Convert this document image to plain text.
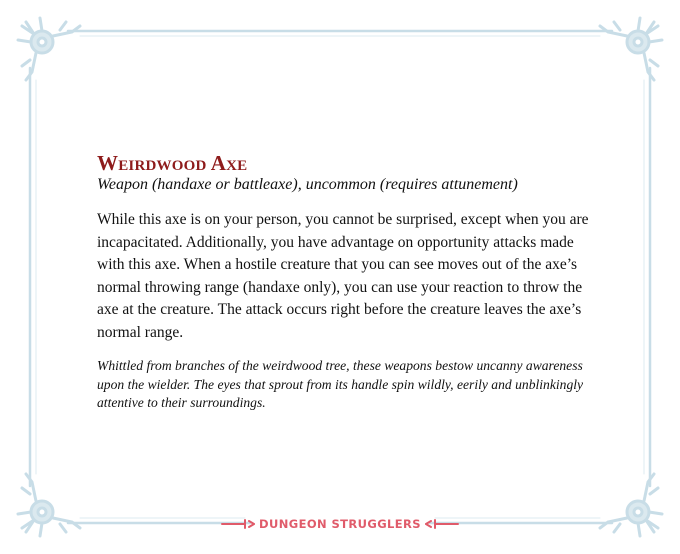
Weirdwood Axe

Weapon (handaxe or battleaxe), uncommon (requires attunement)

While this axe is on your person, you cannot be surprised, except when you are incapacitated. Additionally, you have advantage on opportunity attacks made with this axe. When a hostile creature that you can see moves out of the axe’s normal throwing range (handaxe only), you can use your reaction to throw the axe at the creature. The attack occurs right before the creature leaves the axe’s normal range.

Whittled from branches of the weirdwood tree, these weapons bestow uncanny awareness upon the wielder. The eyes that sprout from its handle spin wildly, eerily and unblinkingly attentive to their surroundings.

DUNGEON STRUGGLERS
